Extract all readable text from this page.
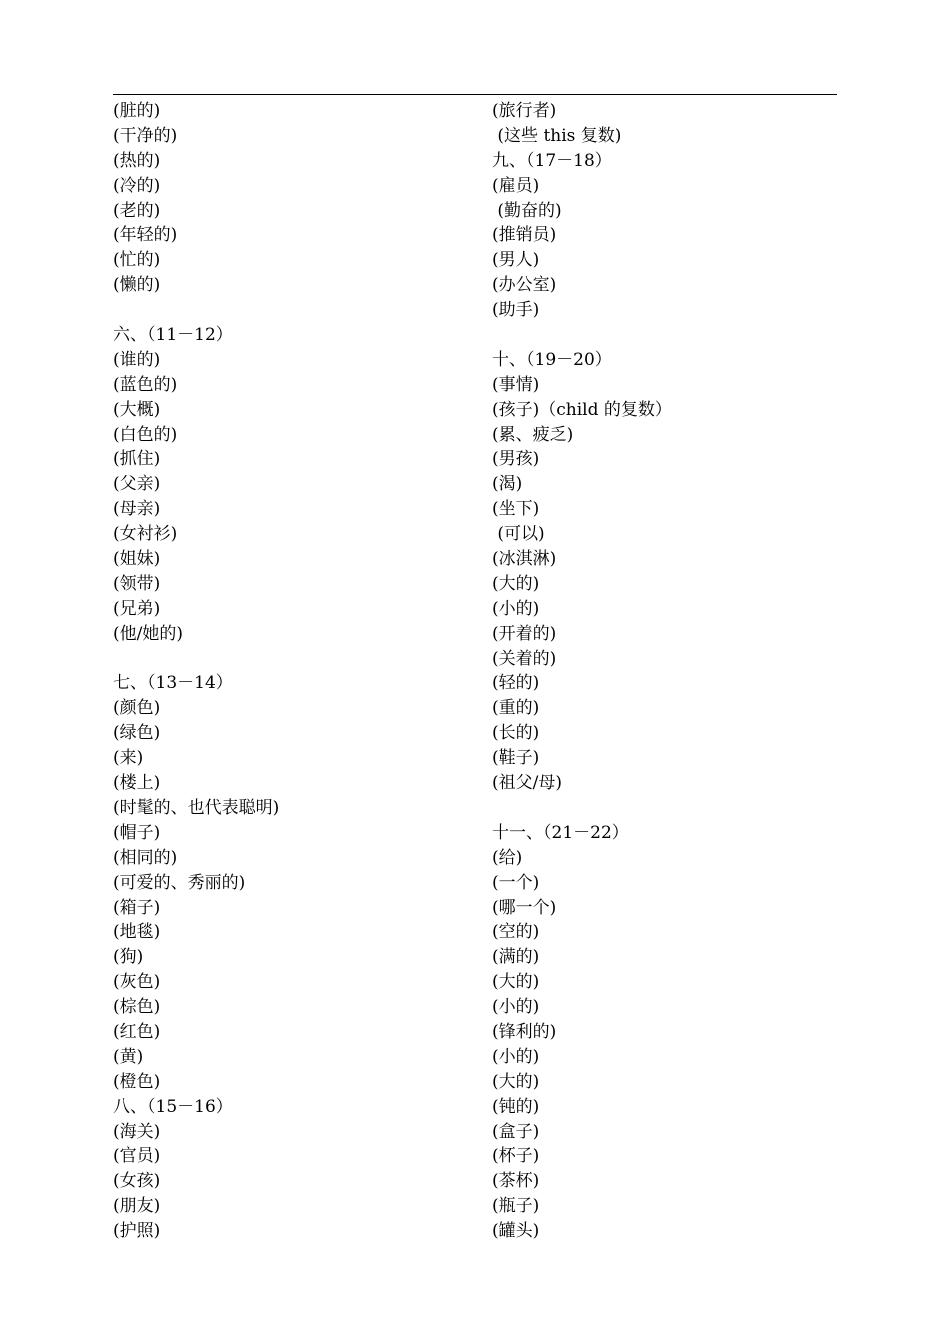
(脏的)
(干净的)
(热的)
(冷的)
(老的)
(年轻的)
(忙的)
(懒的)
六、（11－12）
(谁的)
(蓝色的)
(大概)
(白色的)
(抓住)
(父亲)
(母亲)
(女衬衫)
(姐妹)
(领带)
(兄弟)
(他/她的)
七、（13－14）
(颜色)
(绿色)
(来)
(楼上)
(时髦的、也代表聪明)
(帽子)
(相同的)
(可爱的、秀丽的)
(箱子)
(地毯)
(狗)
(灰色)
(棕色)
(红色)
(黄)
(橙色)
八、（15－16）
(海关)
(官员)
(女孩)
(朋友)
(护照)
(旅行者)
(这些 this 复数)
九、（17－18）
(雇员)
(勤奋的)
(推销员)
(男人)
(办公室)
(助手)
十、（19－20）
(事情)
(孩子)（child 的复数）
(累、疲乏)
(男孩)
(渴)
(坐下)
(可以)
(冰淇淋)
(大的)
(小的)
(开着的)
(关着的)
(轻的)
(重的)
(长的)
(鞋子)
(祖父/母)
十一、（21－22）
(给)
(一个)
(哪一个)
(空的)
(满的)
(大的)
(小的)
(锋利的)
(小的)
(大的)
(钝的)
(盒子)
(杯子)
(茶杯)
(瓶子)
(罐头)
